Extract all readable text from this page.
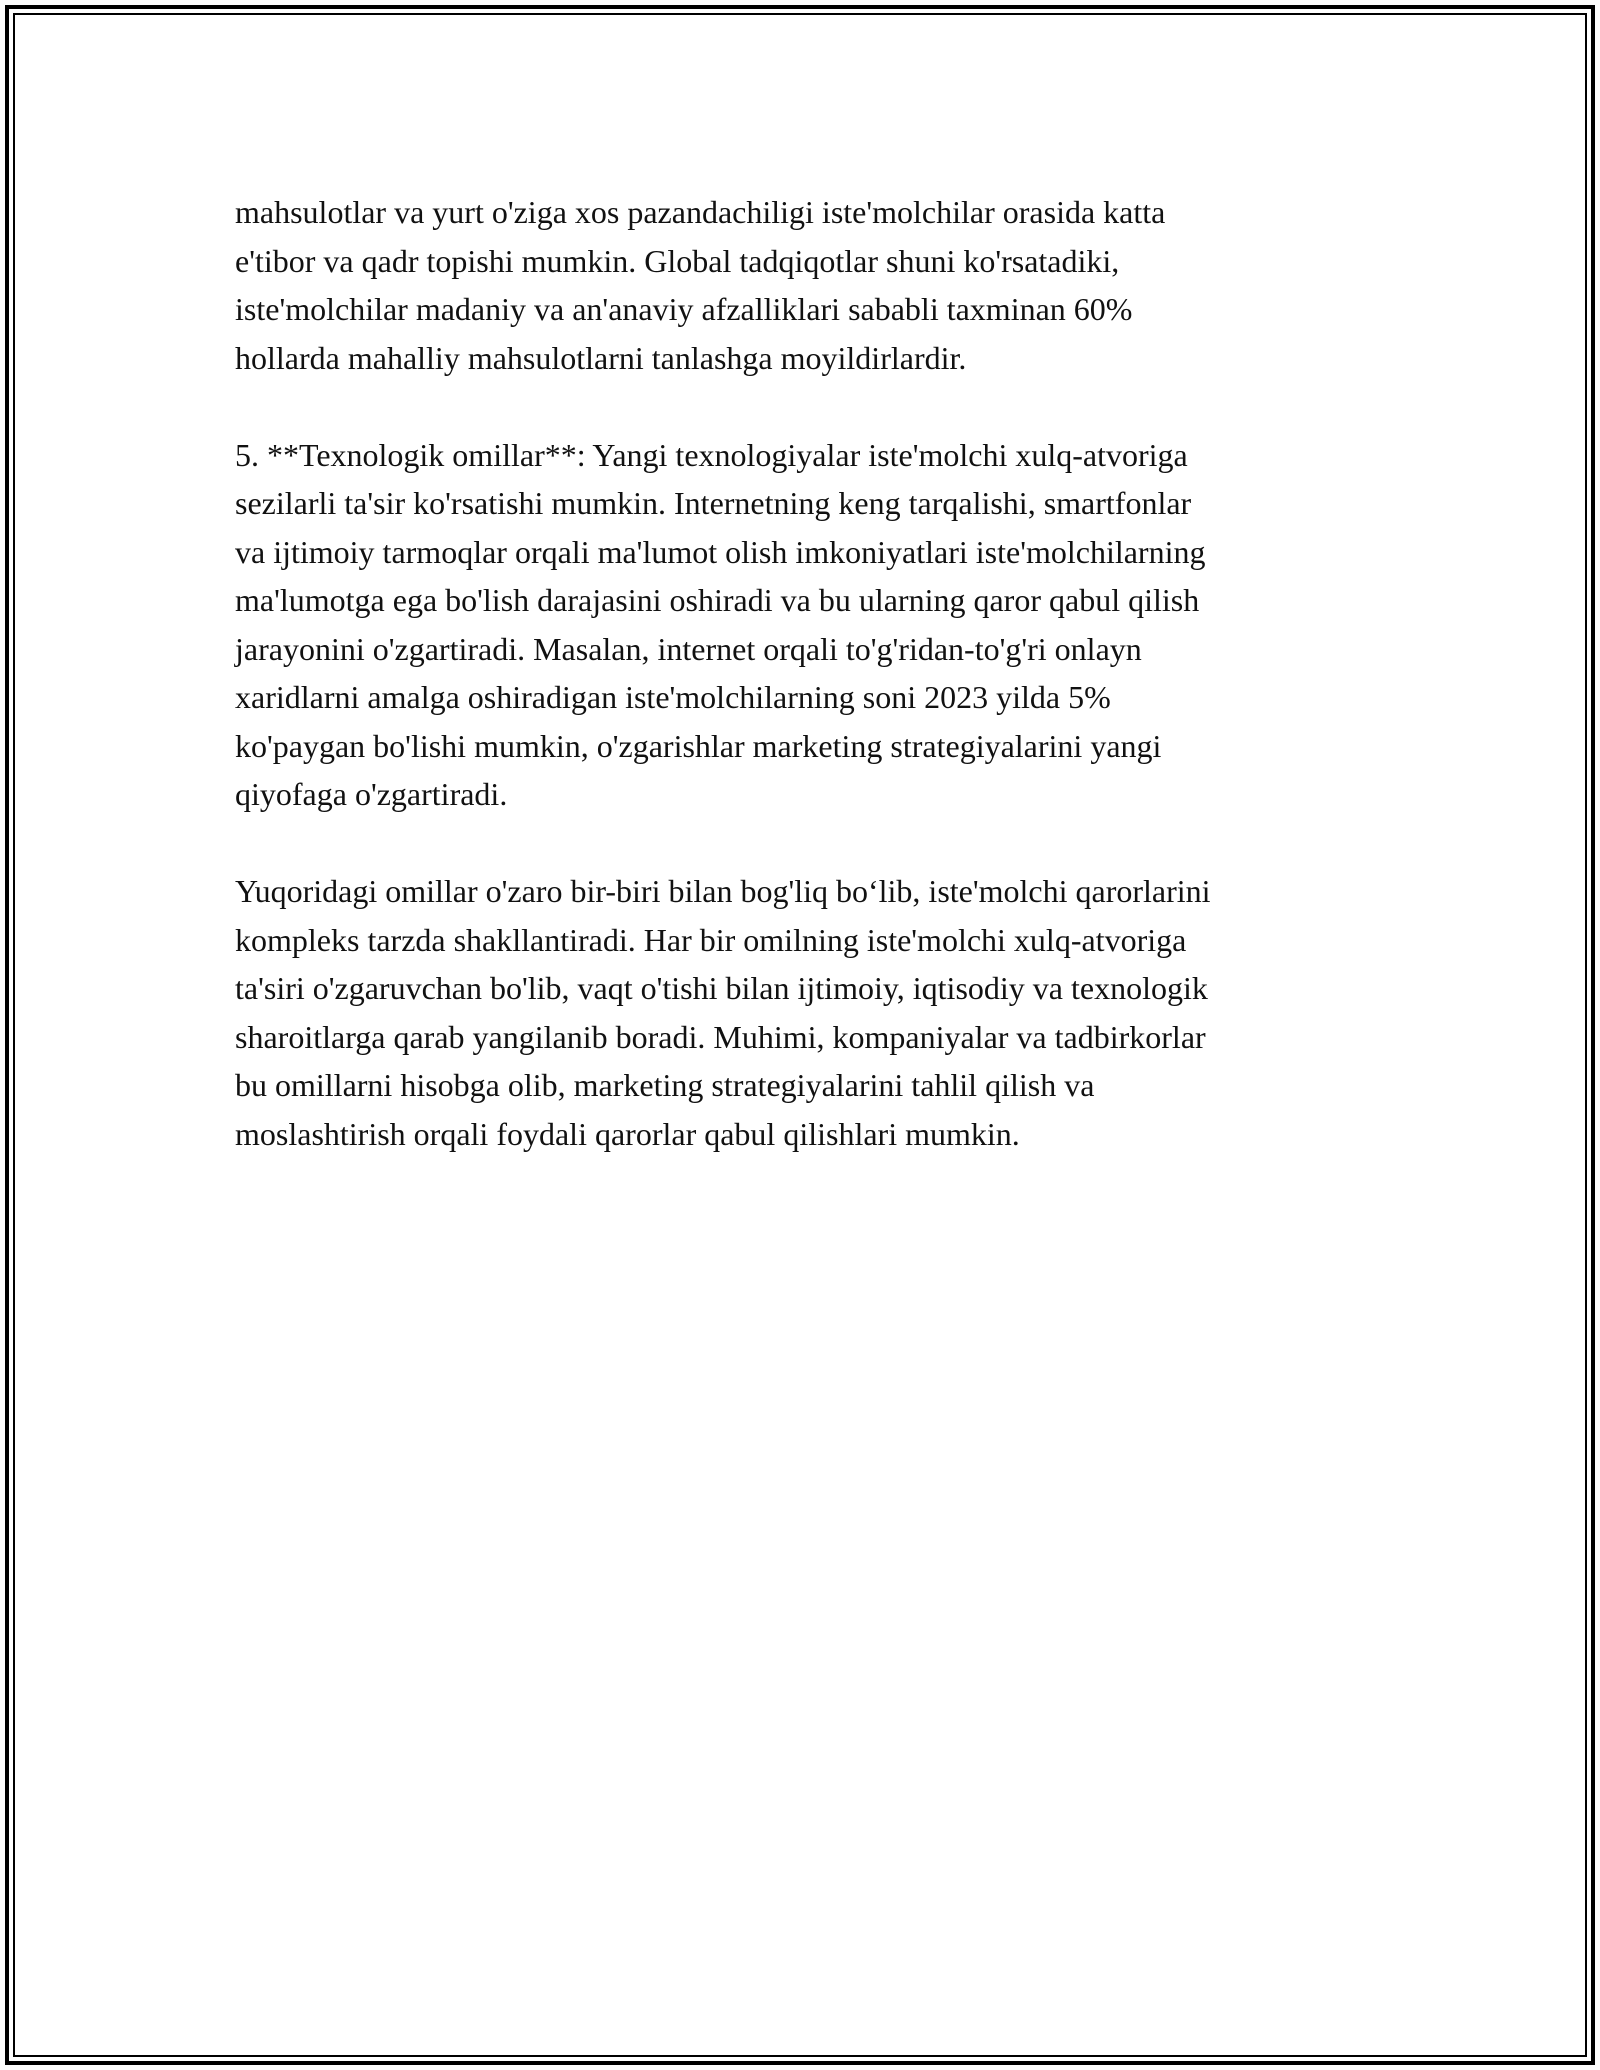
mahsulotlar va yurt o'ziga xos pazandachiligi iste'molchilar orasida katta
e'tibor va qadr topishi mumkin. Global tadqiqotlar shuni ko'rsatadiki,
iste'molchilar madaniy va an'anaviy afzalliklari sababli taxminan 60%
hollarda mahalliy mahsulotlarni tanlashga moyildirlardir.

5. **Texnologik omillar**: Yangi texnologiyalar iste'molchi xulq-atvoriga
sezilarli ta'sir ko'rsatishi mumkin. Internetning keng tarqalishi, smartfonlar
va ijtimoiy tarmoqlar orqali ma'lumot olish imkoniyatlari iste'molchilarning
ma'lumotga ega bo'lish darajasini oshiradi va bu ularning qaror qabul qilish
jarayonini o'zgartiradi. Masalan, internet orqali to'g'ridan-to'g'ri onlayn
xaridlarni amalga oshiradigan iste'molchilarning soni 2023 yilda 5%
ko'paygan bo'lishi mumkin, o'zgarishlar marketing strategiyalarini yangi
qiyofaga o'zgartiradi.

Yuqoridagi omillar o'zaro bir-biri bilan bog'liq bo‘lib, iste'molchi qarorlarini
kompleks tarzda shakllantiradi. Har bir omilning iste'molchi xulq-atvoriga
ta'siri o'zgaruvchan bo'lib, vaqt o'tishi bilan ijtimoiy, iqtisodiy va texnologik
sharoitlarga qarab yangilanib boradi. Muhimi, kompaniyalar va tadbirkorlar
bu omillarni hisobga olib, marketing strategiyalarini tahlil qilish va
moslashtirish orqali foydali qarorlar qabul qilishlari mumkin.
